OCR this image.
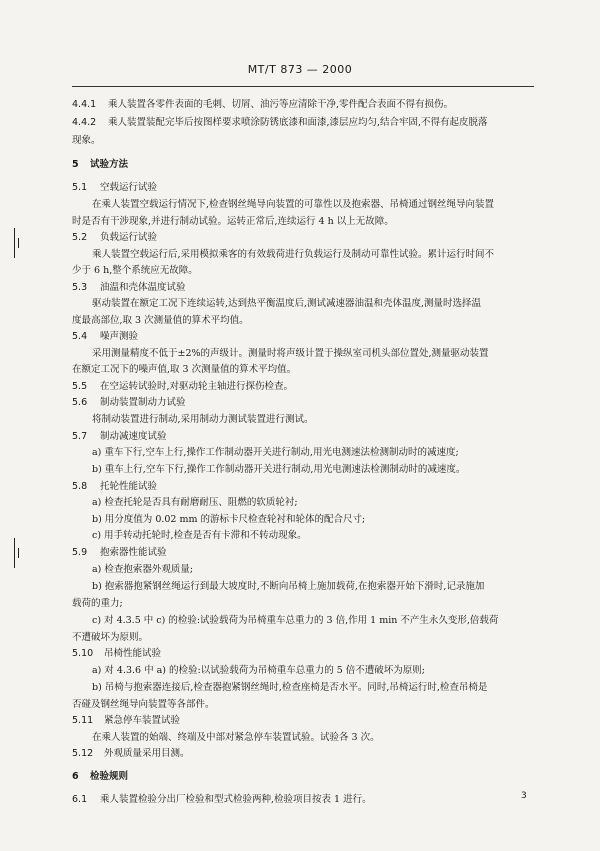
MT/T 873 — 2000
4.4.1 乘人装置各零件表面的毛刺、切屑、油污等应清除干净,零件配合表面不得有损伤。
4.4.2 乘人装置装配完毕后按图样要求喷涂防锈底漆和面漆,漆层应均匀,结合牢固,不得有起皮脱落
现象。
5 试验方法
5.1 空载运行试验
在乘人装置空载运行情况下,检查钢丝绳导向装置的可靠性以及抱索器、吊椅通过钢丝绳导向装置
时是否有干涉现象,并进行制动试验。运转正常后,连续运行 4 h 以上无故障。
5.2 负载运行试验
乘人装置空载运行后,采用模拟乘客的有效载荷进行负载运行及制动可靠性试验。累计运行时间不
少于 6 h,整个系统应无故障。
5.3 油温和壳体温度试验
驱动装置在额定工况下连续运转,达到热平衡温度后,测试减速器油温和壳体温度,测量时选择温
度最高部位,取 3 次测量值的算术平均值。
5.4 噪声测验
采用测量精度不低于±2%的声级计。测量时将声级计置于操纵室司机头部位置处,测量驱动装置
在额定工况下的噪声值,取 3 次测量值的算术平均值。
5.5 在空运转试验时,对驱动轮主轴进行探伤检查。
5.6 制动装置制动力试验
将制动装置进行制动,采用制动力测试装置进行测试。
5.7 制动减速度试验
a) 重车下行,空车上行,操作工作制动器开关进行制动,用光电测速法检测制动时的减速度;
b) 重车上行,空车下行,操作工作制动器开关进行制动,用光电测速法检测制动时的减速度。
5.8 托轮性能试验
a) 检查托轮是否具有耐磨耐压、阻燃的软质轮衬;
b) 用分度值为 0.02 mm 的游标卡尺检查轮衬和轮体的配合尺寸;
c) 用手转动托轮时,检查是否有卡滞和不转动现象。
5.9 抱索器性能试验
a) 检查抱索器外观质量;
b) 抱索器抱紧钢丝绳运行到最大坡度时,不断向吊椅上施加载荷,在抱索器开始下滑时,记录施加
载荷的重力;
c) 对 4.3.5 中 c) 的检验:试验载荷为吊椅重车总重力的 3 倍,作用 1 min 不产生永久变形,倍载荷
不遭破坏为原则。
5.10 吊椅性能试验
a) 对 4.3.6 中 a) 的检验:以试验载荷为吊椅重车总重力的 5 倍不遭破坏为原则;
b) 吊椅与抱索器连接后,检查器抱紧钢丝绳时,检查座椅是否水平。同时,吊椅运行时,检查吊椅是
否碰及钢丝绳导向装置等各部件。
5.11 紧急停车装置试验
在乘人装置的始端、终端及中部对紧急停车装置试验。试验各 3 次。
5.12 外观质量采用目测。
6 检验规则
6.1 乘人装置检验分出厂检验和型式检验两种,检验项目按表 1 进行。	3
